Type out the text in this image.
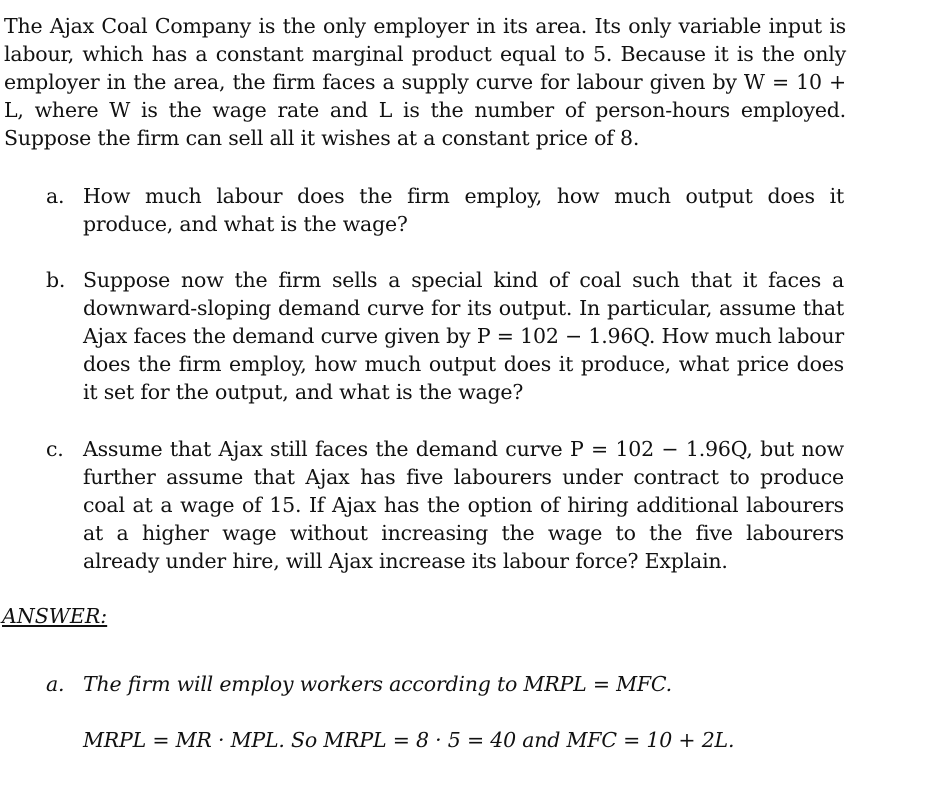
The Ajax Coal Company is the only employer in its area. Its only variable input is labour, which has a constant marginal product equal to 5. Because it is the only employer in the area, the firm faces a supply curve for labour given by W = 10 + L, where W is the wage rate and L is the number of person-hours employed. Suppose the firm can sell all it wishes at a constant price of 8.

a. How much labour does the firm employ, how much output does it produce, and what is the wage?
b. Suppose now the firm sells a special kind of coal such that it faces a downward-sloping demand curve for its output. In particular, assume that Ajax faces the demand curve given by P = 102 − 1.96Q. How much labour does the firm employ, how much output does it produce, what price does it set for the output, and what is the wage?
c. Assume that Ajax still faces the demand curve P = 102 − 1.96Q, but now further assume that Ajax has five labourers under contract to produce coal at a wage of 15. If Ajax has the option of hiring additional labourers at a higher wage without increasing the wage to the five labourers already under hire, will Ajax increase its labour force? Explain.
ANSWER:
a. The firm will employ workers according to MRPL = MFC.
MRPL = MR · MPL. So MRPL = 8 · 5 = 40 and MFC = 10 + 2L.
